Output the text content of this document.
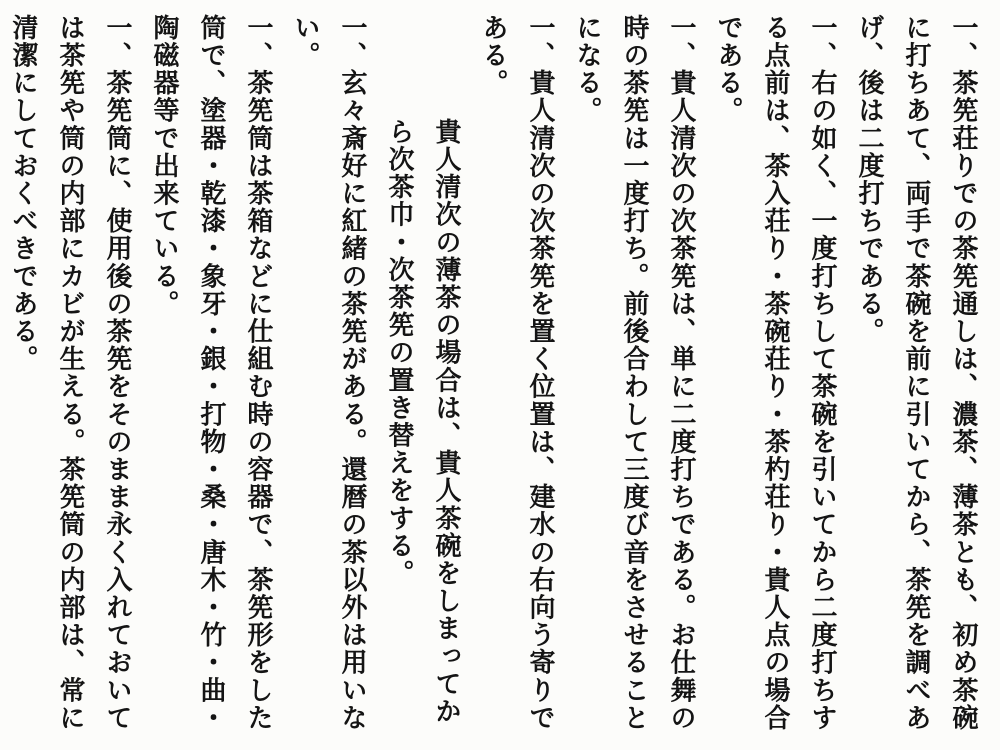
一、茶筅荘りでの茶筅通しは、濃茶、薄茶とも、初め茶碗に打ちあて、両手で茶碗を前に引いてから、茶筅を調べあげ、後は二度打ちである。

一、右の如く、一度打ちして茶碗を引いてから二度打ちする点前は、茶入荘り・茶碗荘り・茶杓荘り・貴人点の場合である。

一、貴人清次の次茶筅は、単に二度打ちである。お仕舞の時の茶筅は一度打ち。前後合わして三度び音をさせることになる。

一、貴人清次の次茶筅を置く位置は、建水の右向う寄りである。

貴人清次の薄茶の場合は、貴人茶碗をしまってから次茶巾・次茶筅の置き替えをする。

一、玄々斎好に紅緒の茶筅がある。還暦の茶以外は用いない。

一、茶筅筒は茶箱などに仕組む時の容器で、茶筅形をした筒で、塗器・乾漆・象牙・銀・打物・桑・唐木・竹・曲・陶磁器等で出来ている。

一、茶筅筒に、使用後の茶筅をそのまま永く入れておいては茶筅や筒の内部にカビが生える。茶筅筒の内部は、常に清潔にしておくべきである。
